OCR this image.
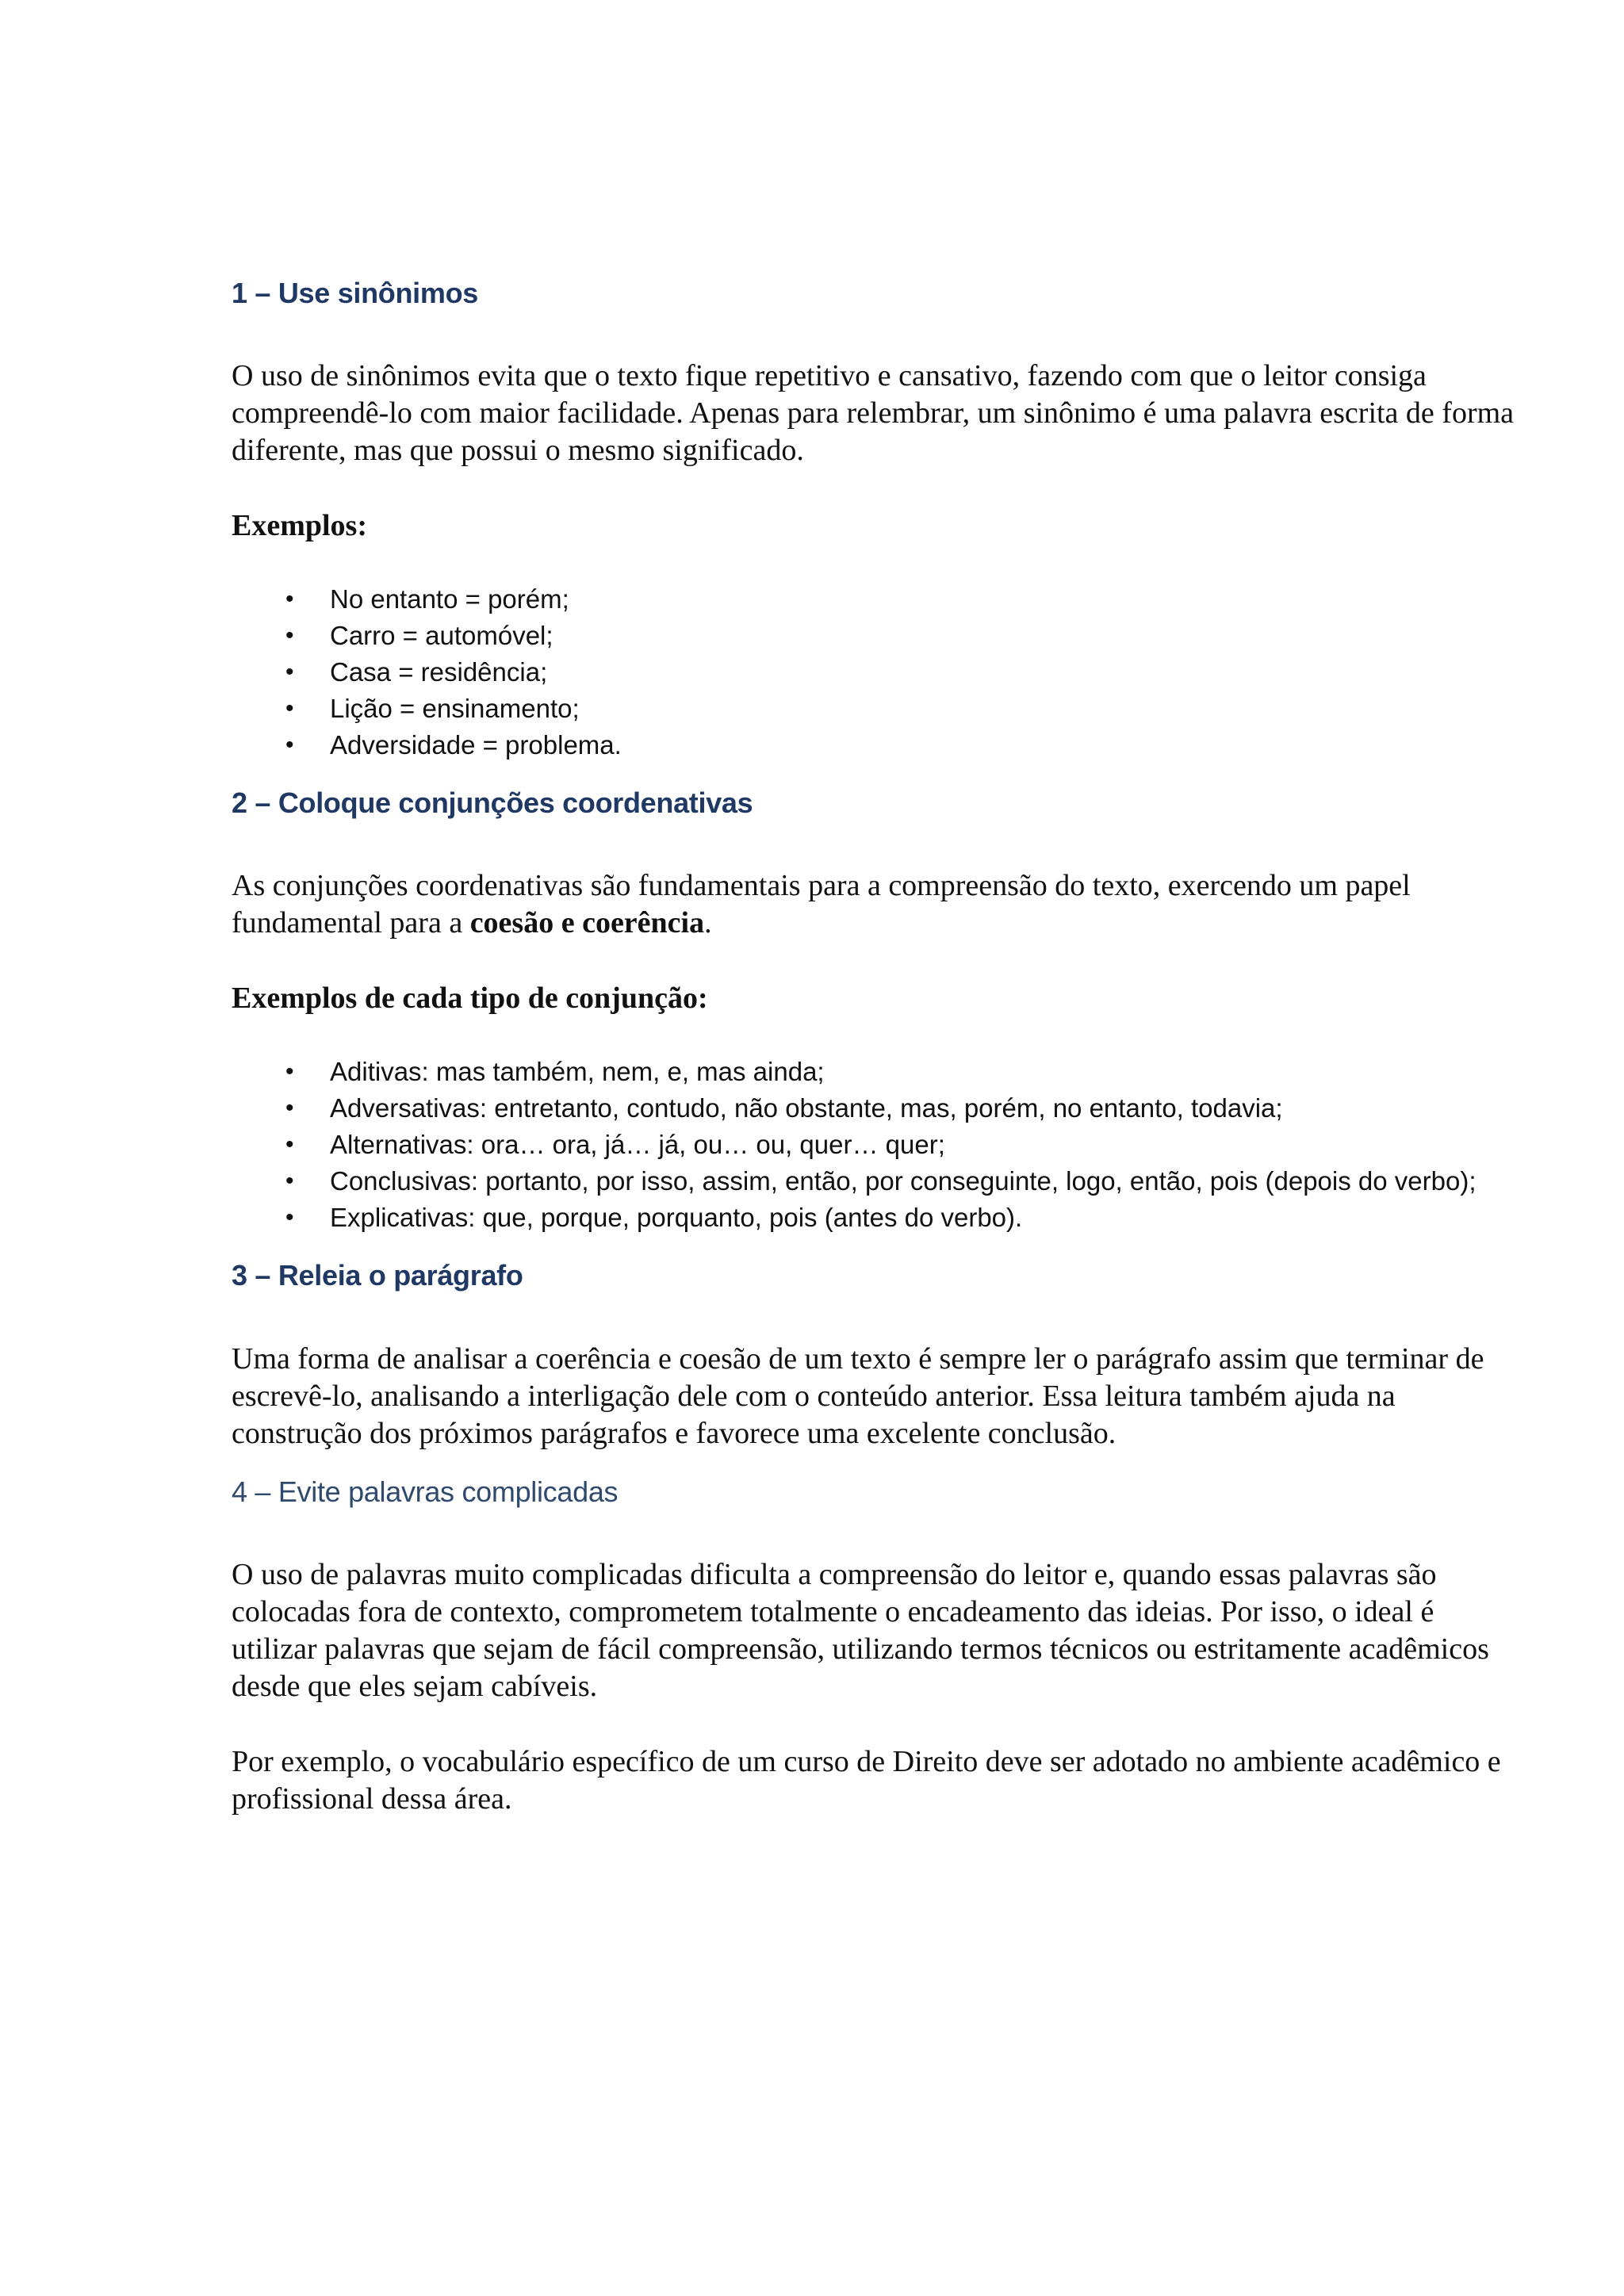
1 – Use sinônimos

O uso de sinônimos evita que o texto fique repetitivo e cansativo, fazendo com que o leitor consiga compreendê-lo com maior facilidade. Apenas para relembrar, um sinônimo é uma palavra escrita de forma diferente, mas que possui o mesmo significado.

Exemplos:

• No entanto = porém;
• Carro = automóvel;
• Casa = residência;
• Lição = ensinamento;
• Adversidade = problema.
2 – Coloque conjunções coordenativas

As conjunções coordenativas são fundamentais para a compreensão do texto, exercendo um papel fundamental para a coesão e coerência.

Exemplos de cada tipo de conjunção:

• Aditivas: mas também, nem, e, mas ainda;
• Adversativas: entretanto, contudo, não obstante, mas, porém, no entanto, todavia;
• Alternativas: ora… ora, já… já, ou… ou, quer… quer;
• Conclusivas: portanto, por isso, assim, então, por conseguinte, logo, então, pois (depois do verbo);
• Explicativas: que, porque, porquanto, pois (antes do verbo).
3 – Releia o parágrafo

Uma forma de analisar a coerência e coesão de um texto é sempre ler o parágrafo assim que terminar de escrevê-lo, analisando a interligação dele com o conteúdo anterior. Essa leitura também ajuda na construção dos próximos parágrafos e favorece uma excelente conclusão.

4 – Evite palavras complicadas

O uso de palavras muito complicadas dificulta a compreensão do leitor e, quando essas palavras são colocadas fora de contexto, comprometem totalmente o encadeamento das ideias. Por isso, o ideal é utilizar palavras que sejam de fácil compreensão, utilizando termos técnicos ou estritamente acadêmicos desde que eles sejam cabíveis.

Por exemplo, o vocabulário específico de um curso de Direito deve ser adotado no ambiente acadêmico e profissional dessa área.
